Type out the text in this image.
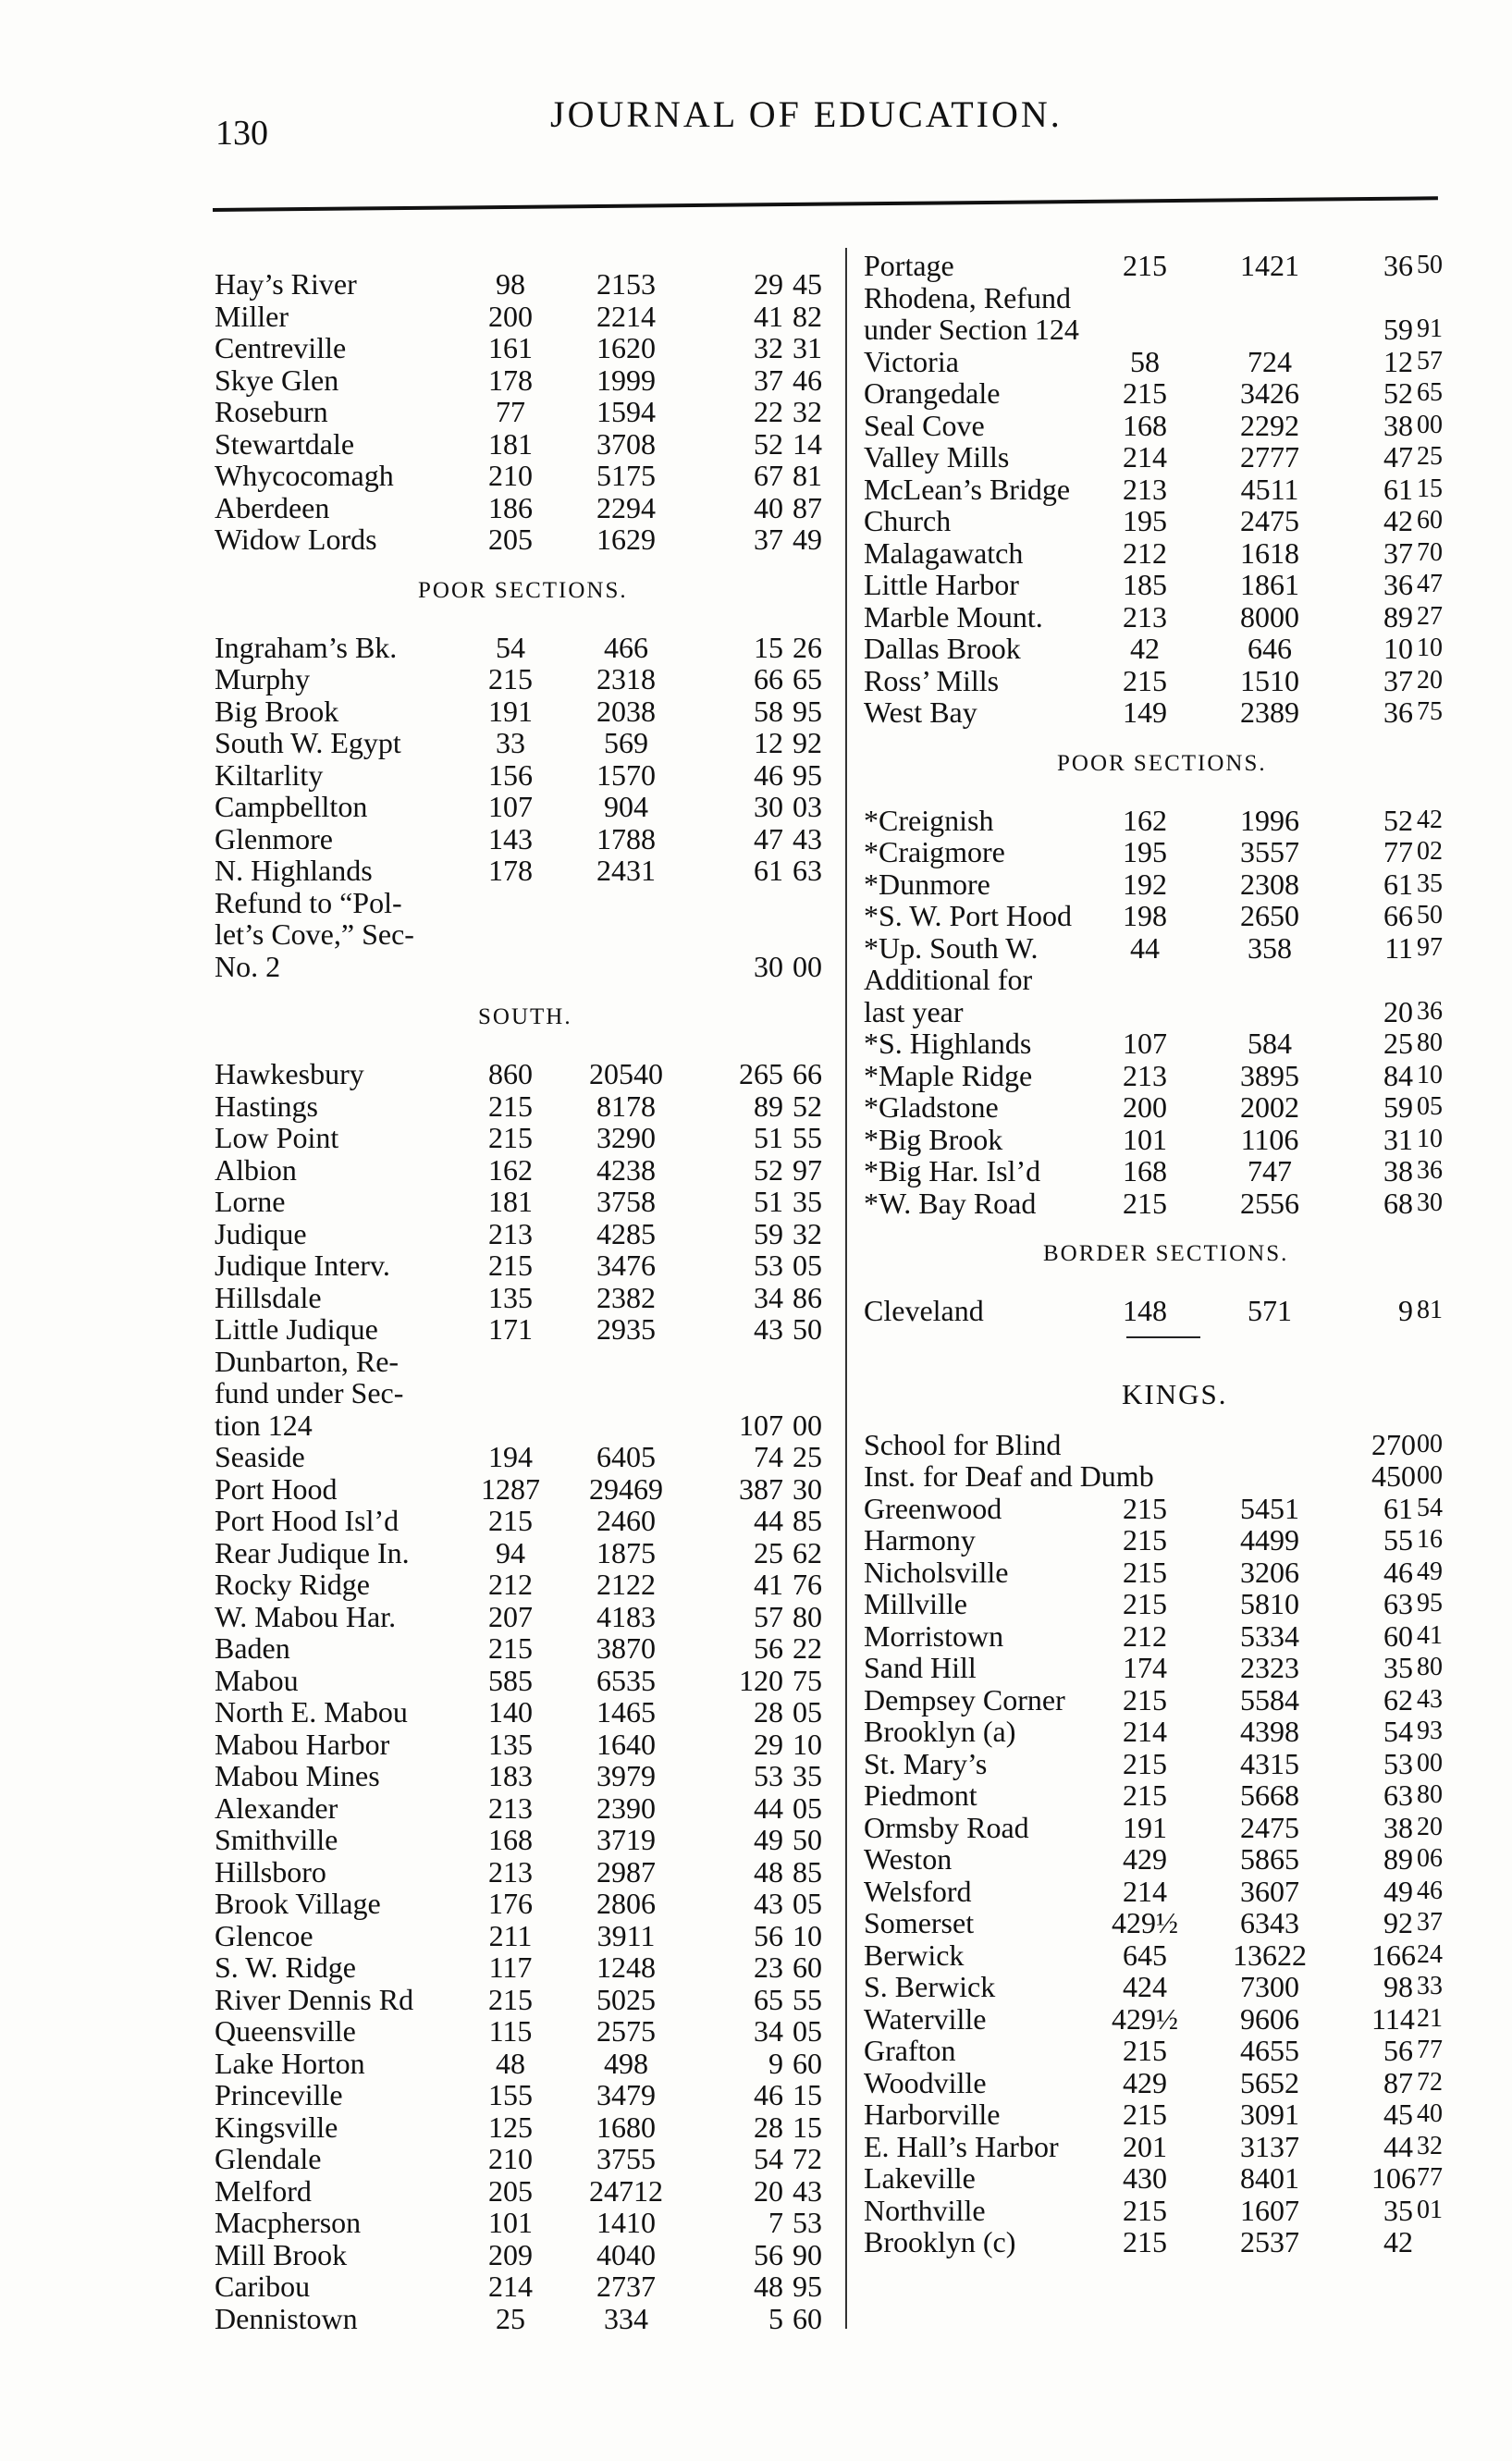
130	JOURNAL OF EDUCATION.
Hay’s River	98	2153	29 45
Miller	200	2214	41 82
Centreville	161	1620	32 31
Skye Glen	178	1999	37 46
Roseburn	77	1594	22 32
Stewartdale	181	3708	52 14
Whycocomagh	210	5175	67 81
Aberdeen	186	2294	40 87
Widow Lords	205	1629	37 49
POOR SECTIONS.
Ingraham’s Bk.	54	466	15 26
Murphy	215	2318	66 65
Big Brook	191	2038	58 95
South W. Egypt	33	569	12 92
Kiltarlity	156	1570	46 95
Campbellton	107	904	30 03
Glenmore	143	1788	47 43
N. Highlands	178	2431	61 63
Refund to “Pol-
let’s Cove,” Sec-
No. 2	30 00
SOUTH.
Hawkesbury	860	20540	265 66
Hastings	215	8178	89 52
Low Point	215	3290	51 55
Albion	162	4238	52 97
Lorne	181	3758	51 35
Judique	213	4285	59 32
Judique Interv.	215	3476	53 05
Hillsdale	135	2382	34 86
Little Judique	171	2935	43 50
Dunbarton, Re-
fund under Sec-
tion 124	107 00
Seaside	194	6405	74 25
Port Hood	1287	29469	387 30
Port Hood Isl’d	215	2460	44 85
Rear Judique In.	94	1875	25 62
Rocky Ridge	212	2122	41 76
W. Mabou Har.	207	4183	57 80
Baden	215	3870	56 22
Mabou	585	6535	120 75
North E. Mabou	140	1465	28 05
Mabou Harbor	135	1640	29 10
Mabou Mines	183	3979	53 35
Alexander	213	2390	44 05
Smithville	168	3719	49 50
Hillsboro	213	2987	48 85
Brook Village	176	2806	43 05
Glencoe	211	3911	56 10
S. W. Ridge	117	1248	23 60
River Dennis Rd	215	5025	65 55
Queensville	115	2575	34 05
Lake Horton	48	498	9 60
Princeville	155	3479	46 15
Kingsville	125	1680	28 15
Glendale	210	3755	54 72
Melford	205	24712	20 43
Macpherson	101	1410	7 53
Mill Brook	209	4040	56 90
Caribou	214	2737	48 95
Dennistown	25	334	5 60
Portage	215	1421	36 50
Rhodena, Refund
under Section 124	59 91
Victoria	58	724	12 57
Orangedale	215	3426	52 65
Seal Cove	168	2292	38 00
Valley Mills	214	2777	47 25
McLean’s Bridge	213	4511	61 15
Church	195	2475	42 60
Malagawatch	212	1618	37 70
Little Harbor	185	1861	36 47
Marble Mount.	213	8000	89 27
Dallas Brook	42	646	10 10
Ross’ Mills	215	1510	37 20
West Bay	149	2389	36 75
POOR SECTIONS.
*Creignish	162	1996	52 42
*Craigmore	195	3557	77 02
*Dunmore	192	2308	61 35
*S. W. Port Hood	198	2650	66 50
*Up. South W.	44	358	11 97
Additional for
last year	20 36
*S. Highlands	107	584	25 80
*Maple Ridge	213	3895	84 10
*Gladstone	200	2002	59 05
*Big Brook	101	1106	31 10
*Big Har. Isl’d	168	747	38 36
*W. Bay Road	215	2556	68 30
BORDER SECTIONS.
Cleveland	148	571	9 81
KINGS.
School for Blind	270 00
Inst. for Deaf and Dumb	450 00
Greenwood	215	5451	61 54
Harmony	215	4499	55 16
Nicholsville	215	3206	46 49
Millville	215	5810	63 95
Morristown	212	5334	60 41
Sand Hill	174	2323	35 80
Dempsey Corner	215	5584	62 43
Brooklyn (a)	214	4398	54 93
St. Mary’s	215	4315	53 00
Piedmont	215	5668	63 80
Ormsby Road	191	2475	38 20
Weston	429	5865	89 06
Welsford	214	3607	49 46
Somerset	429½	6343	92 37
Berwick	645	13622	166 24
S. Berwick	424	7300	98 33
Waterville	429½	9606	114 21
Grafton	215	4655	56 77
Woodville	429	5652	87 72
Harborville	215	3091	45 40
E. Hall’s Harbor	201	3137	44 32
Lakeville	430	8401	106 77
Northville	215	1607	35 01
Brooklyn (c)	215	2537	42
